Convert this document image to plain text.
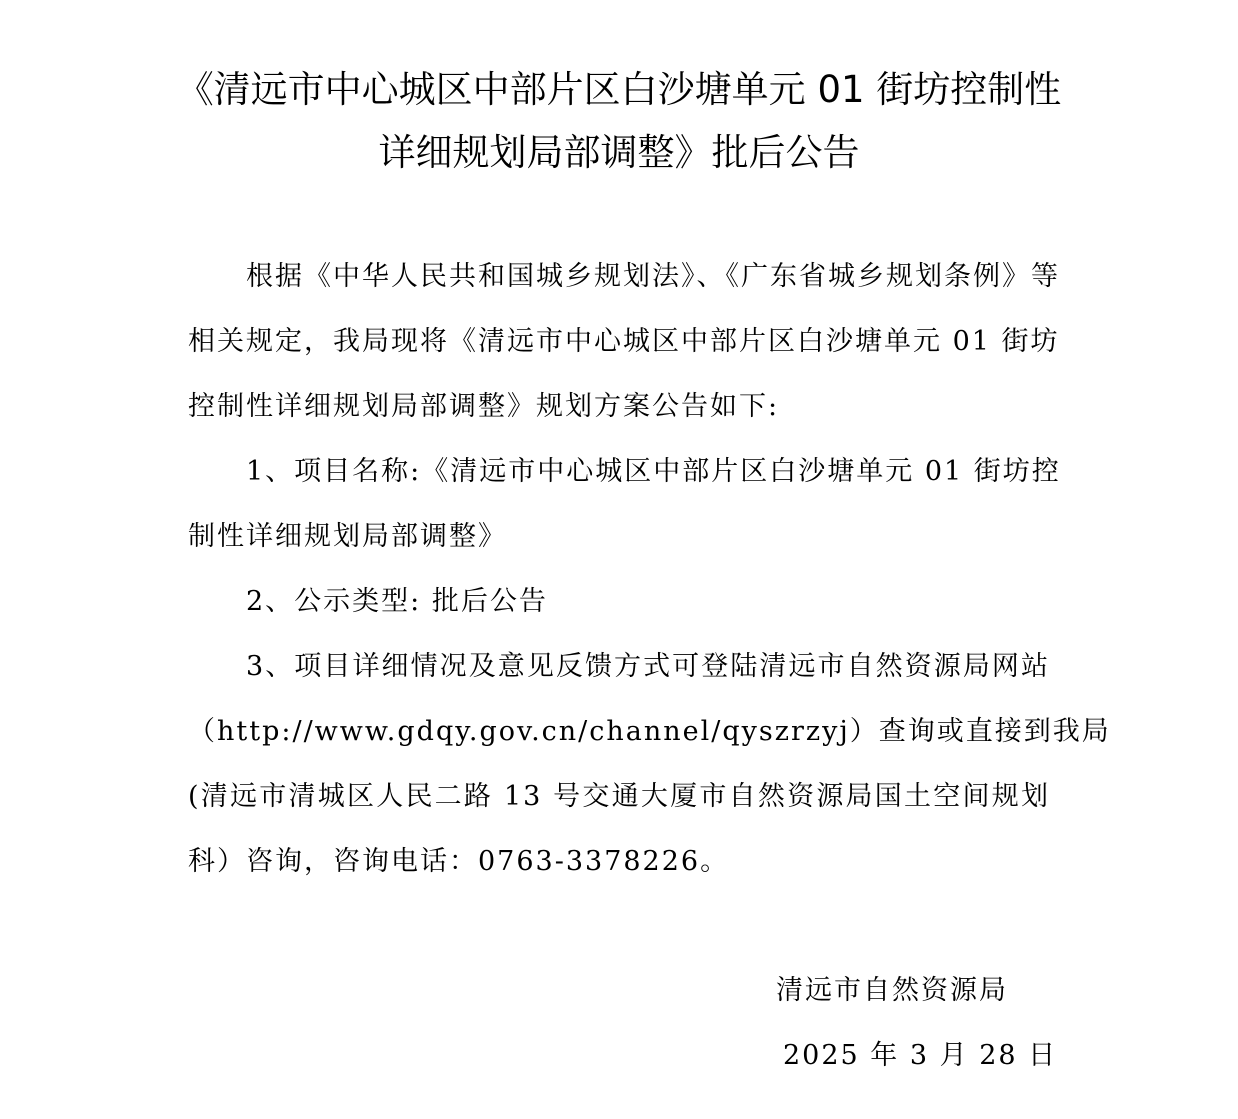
《清远市中心城区中部片区白沙塘单元 01 街坊控制性
详细规划局部调整》批后公告
根据《中华人民共和国城乡规划法》、《广东省城乡规划条例》等
相关规定，我局现将《清远市中心城区中部片区白沙塘单元 01 街坊
控制性详细规划局部调整》规划方案公告如下:
1、项目名称:《清远市中心城区中部片区白沙塘单元 01 街坊控
制性详细规划局部调整》
2、公示类型: 批后公告
3、项目详细情况及意见反馈方式可登陆清远市自然资源局网站
（http://www.gdqy.gov.cn/channel/qyszrzyj）查询或直接到我局
(清远市清城区人民二路 13 号交通大厦市自然资源局国土空间规划
科）咨询，咨询电话：0763-3378226。
清远市自然资源局
2025 年 3 月 28 日
